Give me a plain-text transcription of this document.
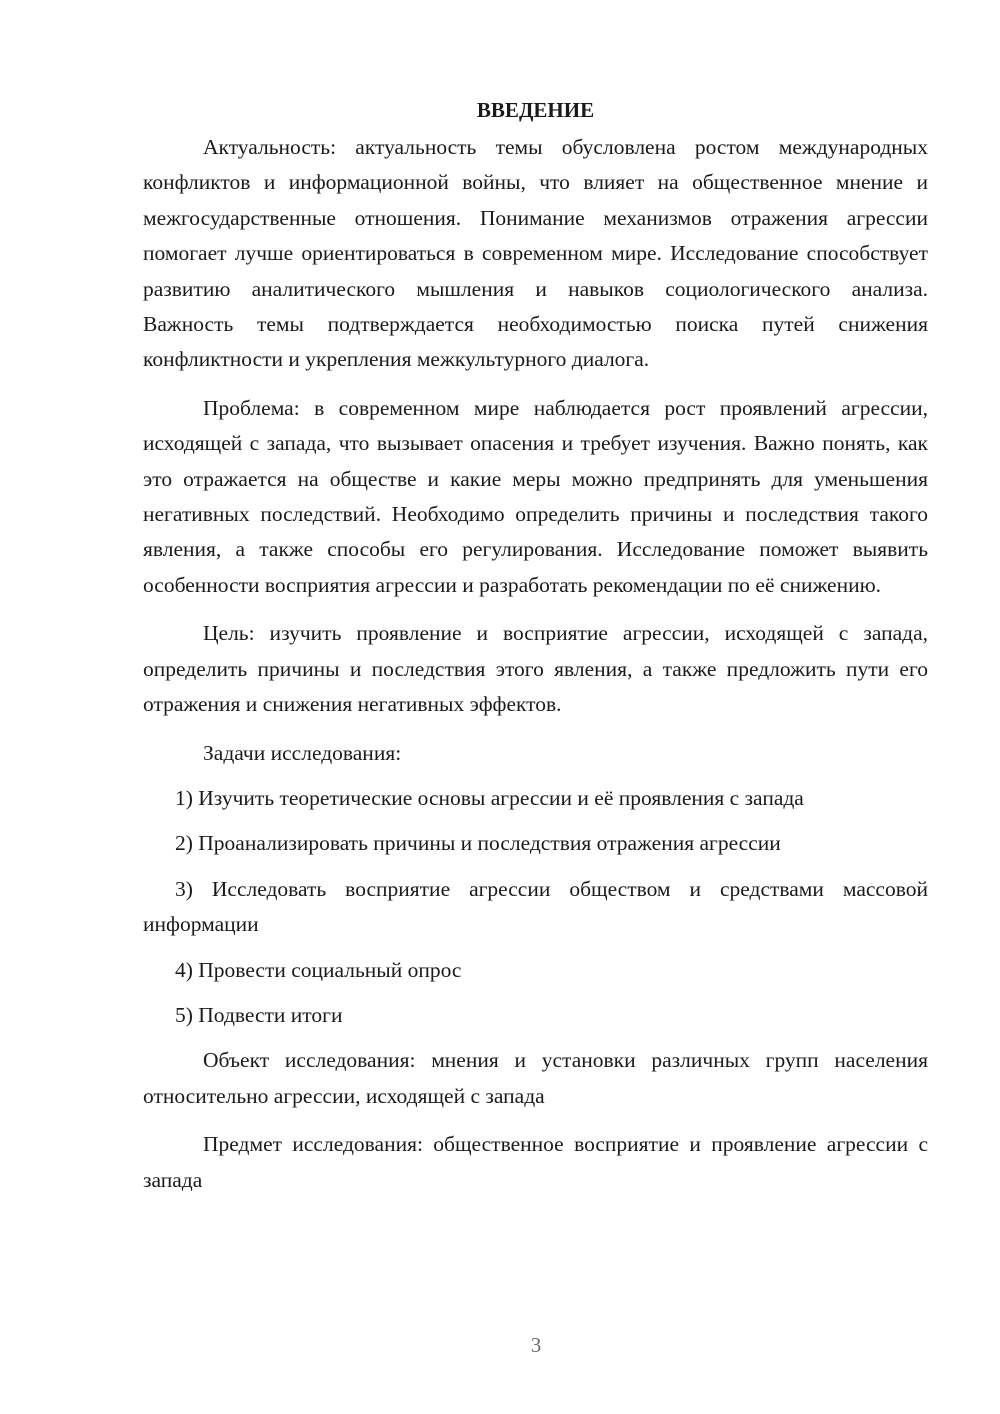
ВВЕДЕНИЕ

Актуальность: актуальность темы обусловлена ростом международных конфликтов и информационной войны, что влияет на общественное мнение и межгосударственные отношения. Понимание механизмов отражения агрессии помогает лучше ориентироваться в современном мире. Исследование способствует развитию аналитического мышления и навыков социологического анализа. Важность темы подтверждается необходимостью поиска путей снижения конфликтности и укрепления межкультурного диалога.

Проблема: в современном мире наблюдается рост проявлений агрессии, исходящей с запада, что вызывает опасения и требует изучения. Важно понять, как это отражается на обществе и какие меры можно предпринять для уменьшения негативных последствий. Необходимо определить причины и последствия такого явления, а также способы его регулирования. Исследование поможет выявить особенности восприятия агрессии и разработать рекомендации по её снижению.

Цель: изучить проявление и восприятие агрессии, исходящей с запада, определить причины и последствия этого явления, а также предложить пути его отражения и снижения негативных эффектов.

Задачи исследования:

1) Изучить теоретические основы агрессии и её проявления с запада

2) Проанализировать причины и последствия отражения агрессии

3) Исследовать восприятие агрессии обществом и средствами массовой информации

4) Провести социальный опрос

5) Подвести итоги

Объект исследования: мнения и установки различных групп населения относительно агрессии, исходящей с запада

Предмет исследования: общественное восприятие и проявление агрессии с запада

3
